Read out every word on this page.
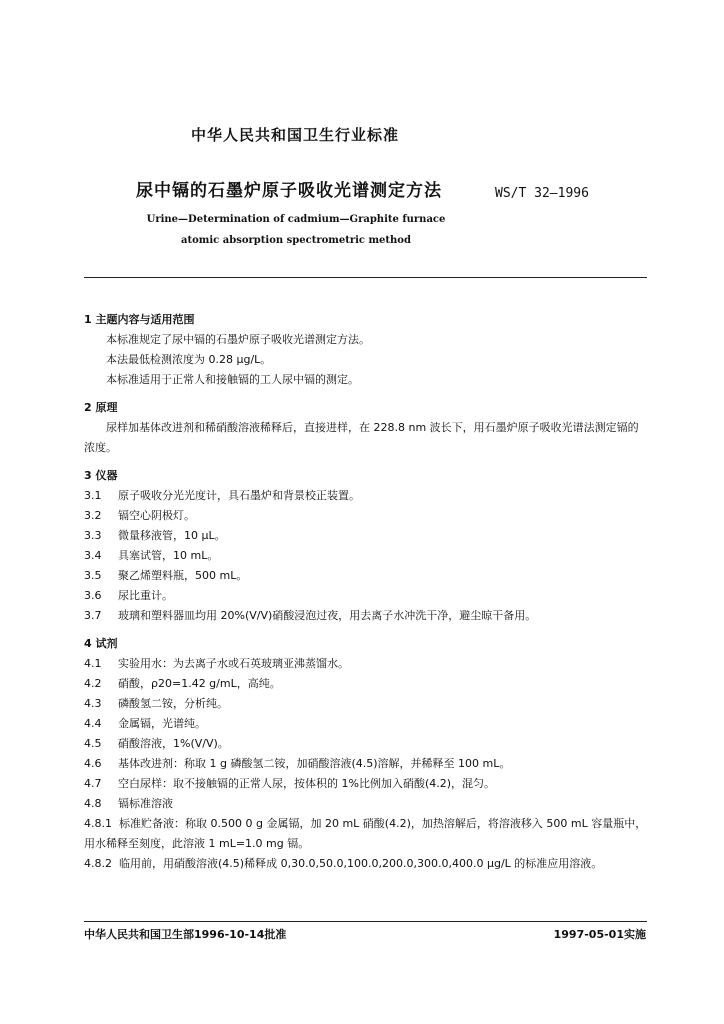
中华人民共和国卫生行业标准
尿中镉的石墨炉原子吸收光谱测定方法	WS/T 32—1996
Urine—Determination of cadmium—Graphite furnace
atomic absorption spectrometric method
1 主题内容与适用范围

本标准规定了尿中镉的石墨炉原子吸收光谱测定方法。

本法最低检测浓度为 0.28 μg/L。

本标准适用于正常人和接触镉的工人尿中镉的测定。

2 原理

尿样加基体改进剂和稀硝酸溶液稀释后，直接进样，在 228.8 nm 波长下，用石墨炉原子吸收光谱法测定镉的浓度。

3 仪器
3.1	原子吸收分光光度计，具石墨炉和背景校正装置。
3.2	镉空心阴极灯。
3.3	微量移液管，10 μL。
3.4	具塞试管，10 mL。
3.5	聚乙烯塑料瓶，500 mL。
3.6	尿比重计。
3.7	玻璃和塑料器皿均用 20%(V/V)硝酸浸泡过夜，用去离子水冲洗干净，避尘晾干备用。
4 试剂
4.1	实验用水：为去离子水或石英玻璃亚沸蒸馏水。
4.2	硝酸，ρ20=1.42 g/mL，高纯。
4.3	磷酸氢二铵，分析纯。
4.4	金属镉，光谱纯。
4.5	硝酸溶液，1%(V/V)。
4.6	基体改进剂：称取 1 g 磷酸氢二铵，加硝酸溶液(4.5)溶解，并稀释至 100 mL。
4.7	空白尿样：取不接触镉的正常人尿，按体积的 1%比例加入硝酸(4.2)，混匀。
4.8	镉标准溶液

4.8.1 标准贮备液：称取 0.500 0 g 金属镉，加 20 mL 硝酸(4.2)，加热溶解后，将溶液移入 500 mL 容量瓶中，用水稀释至刻度，此溶液 1 mL=1.0 mg 镉。

4.8.2 临用前，用硝酸溶液(4.5)稀释成 0,30.0,50.0,100.0,200.0,300.0,400.0 μg/L 的标准应用溶液。

中华人民共和国卫生部1996-10-14批准	1997-05-01实施
